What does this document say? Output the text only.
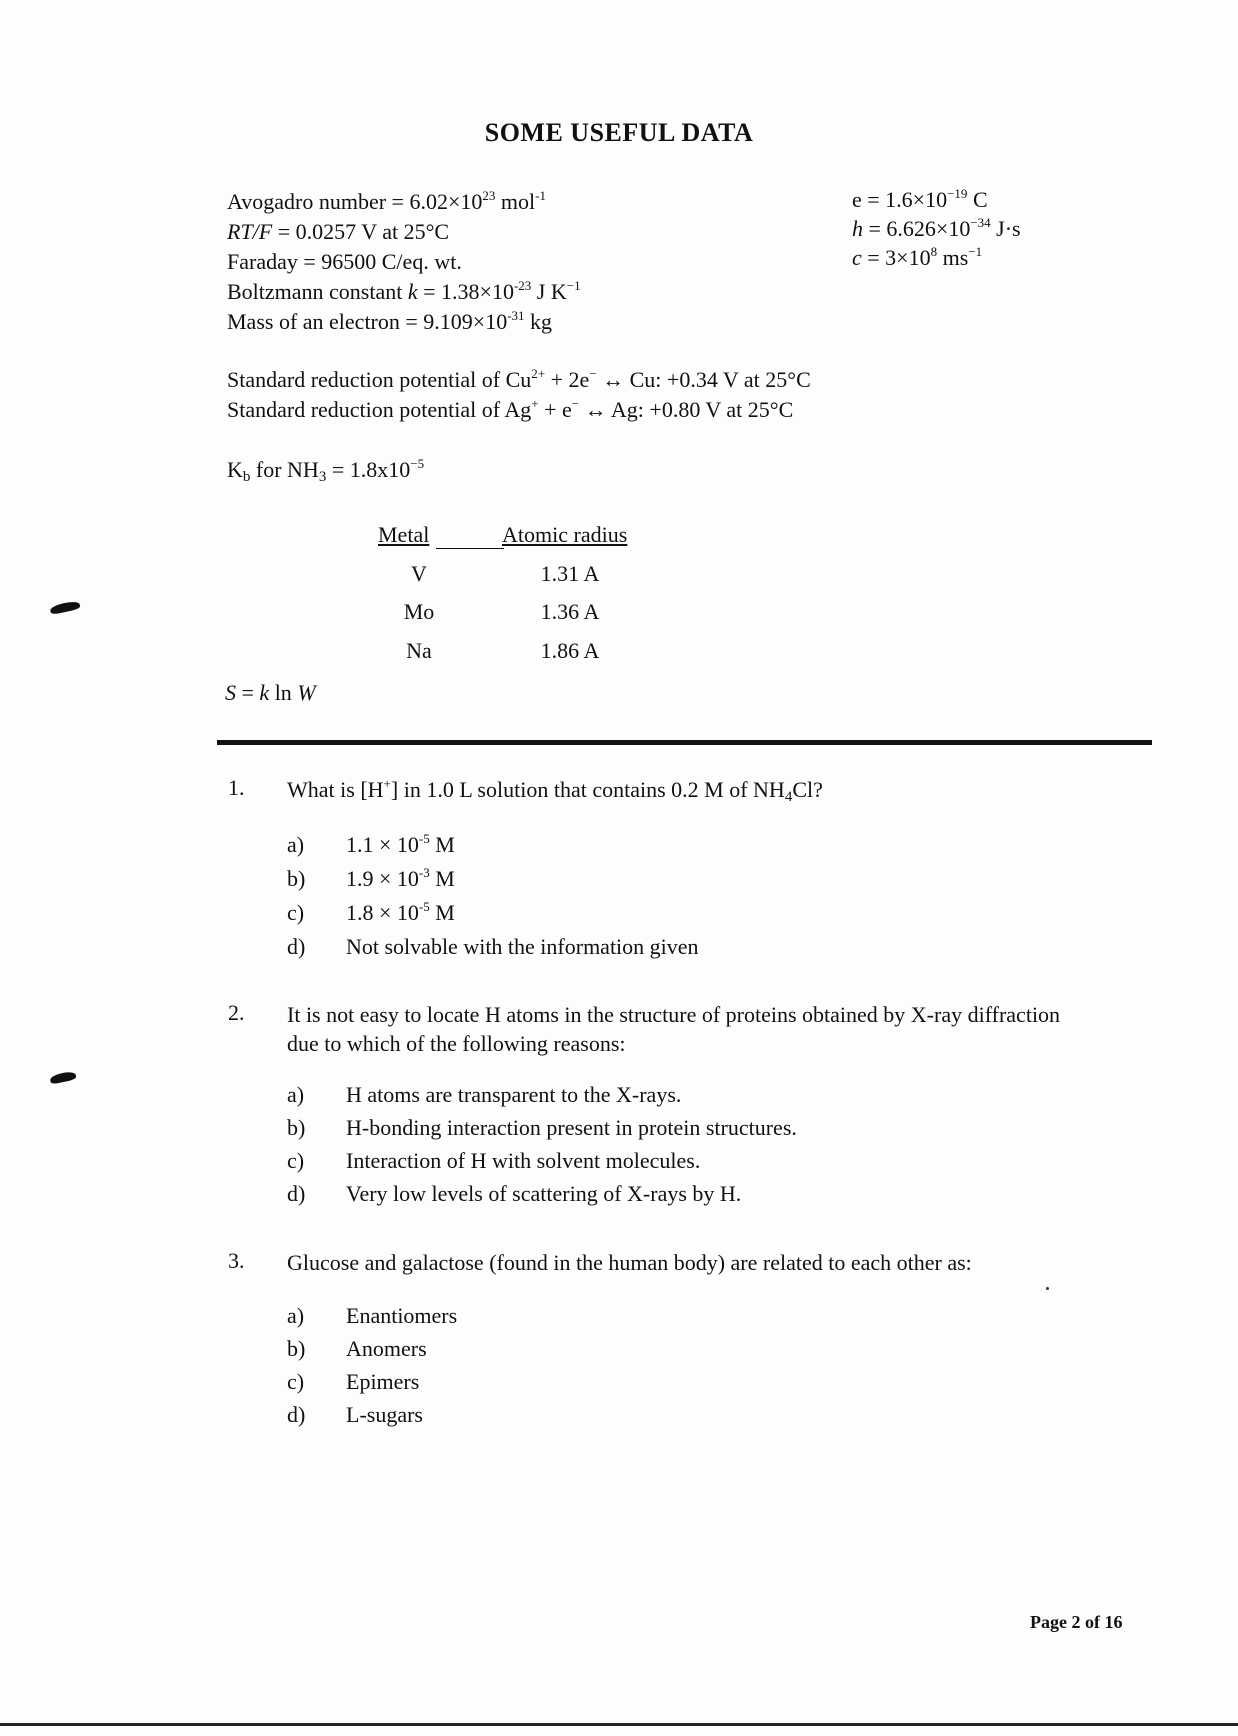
SOME USEFUL DATA
Avogadro number = $6.02\times 10^{23}$ mol$^{-1}$
RT/F = 0.0257 V at 25°C
Faraday = 96500 C/eq. wt.
Boltzmann constant $k = 1.38\times 10^{-23}$ J $K^{-1}$
Mass of an electron = $9.109\times 10^{-31}$ kg
$e = 1.6\times 10^{-19}$ C
$h = 6.626\times 10^{-34}$ J·s
$c = 3\times 10^8$ $ms^{-1}$
Standard reduction potential of $Cu^{2+} + 2e^-$ ↔ Cu: +0.34 V at 25°C
Standard reduction potential of Ag+ + e− ↔ Ag: +0.80 V at 25°C
$K_b$ for $NH_3 = 1.8x10^{-5}$
Metal	Atomic radius
V	1.31 A
Mo	1.36 A
Na	1.86 A
S = k ln W
1. What is [H+] in 1.0 L solution that contains 0.2 M of $NH_4Cl$?
a) $1.1 \times 10^{-5}$ M
b) $1.9 \times 10^{-3}$ M
c) $1.8 \times 10^{-5}$ M
d) Not solvable with the information given
2. It is not easy to locate H atoms in the structure of proteins obtained by X-ray diffraction due to which of the following reasons:
a) H atoms are transparent to the X-rays.
b) H-bonding interaction present in protein structures.
c) Interaction of H with solvent molecules.
d) Very low levels of scattering of X-rays by H.
3. Glucose and galactose (found in the human body) are related to each other as:
a) Enantiomers
b) Anomers
c) Epimers
d) L-sugars
Page 2 of 16
